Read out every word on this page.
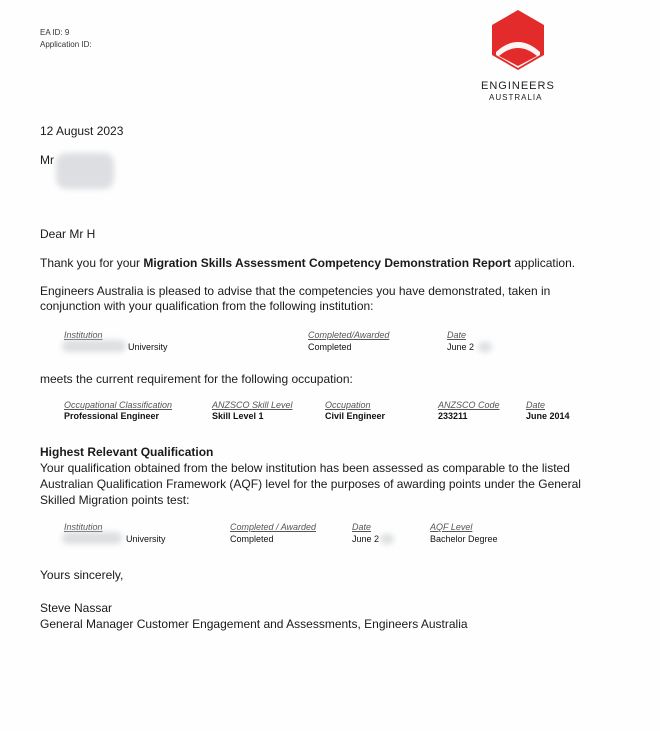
EA ID: 9
Application ID:
ENGINEERS
AUSTRALIA
12 August 2023
Mr
Dear Mr H
Thank you for your Migration Skills Assessment Competency Demonstration Report application.
Engineers Australia is pleased to advise that the competencies you have demonstrated, taken in
conjunction with your qualification from the following institution:
Institution	Completed/Awarded	Date
University	Completed	June 2
meets the current requirement for the following occupation:
Occupational Classification	ANZSCO Skill Level	Occupation	ANZSCO Code	Date
Professional Engineer	Skill Level 1	Civil Engineer	233211	June 2014
Highest Relevant Qualification
Your qualification obtained from the below institution has been assessed as comparable to the listed
Australian Qualification Framework (AQF) level for the purposes of awarding points under the General
Skilled Migration points test:
Institution	Completed / Awarded	Date	AQF Level
University	Completed	June 2	Bachelor Degree
Yours sincerely,
Steve Nassar
General Manager Customer Engagement and Assessments, Engineers Australia
